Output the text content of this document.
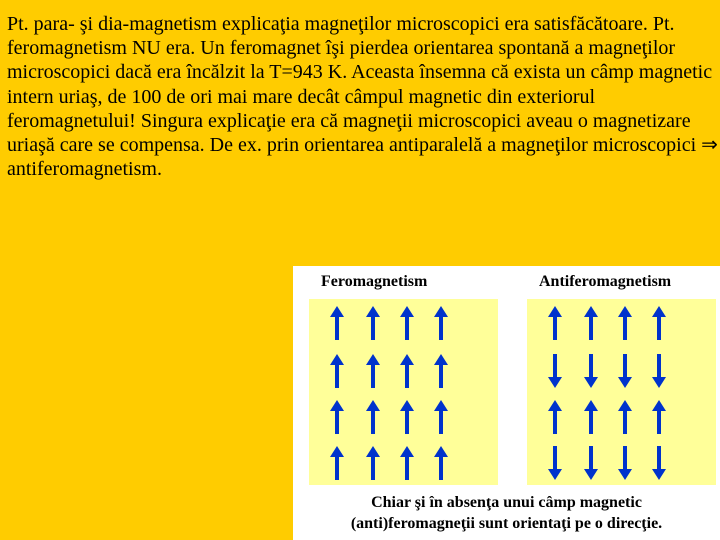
Pt. para- şi dia-magnetism explicaţia magneţilor microscopici era satisfăcătoare. Pt. feromagnetism NU era. Un feromagnet îşi pierdea orientarea spontană a magneţilor microscopici dacă era încălzit la T=943 K. Aceasta însemna că exista un câmp magnetic intern uriaş, de 100 de ori mai mare decât câmpul magnetic din exteriorul feromagnetului! Singura explicaţie era că magneţii microscopici aveau o magnetizare uriaşă care se compensa. De ex. prin orientarea antiparalelă a magneţilor microscopici ⇒ antiferomagnetism.

Feromagnetism	Antiferomagnetism
Chiar şi în absenţa unui câmp magnetic
(anti)feromagneţii sunt orientaţi pe o direcţie.
